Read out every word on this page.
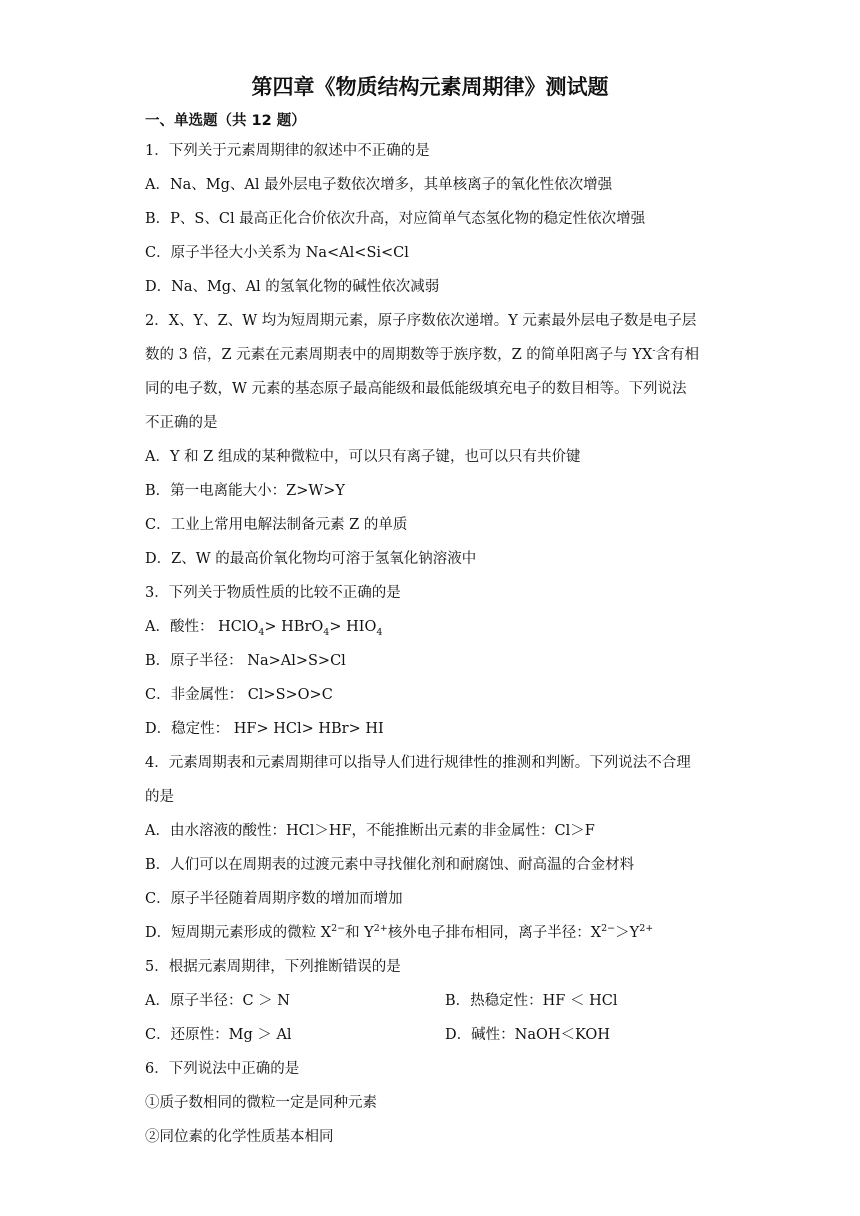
第四章《物质结构元素周期律》测试题
一、单选题（共 12 题）
1．下列关于元素周期律的叙述中不正确的是
A．Na、Mg、Al 最外层电子数依次增多，其单核离子的氧化性依次增强
B．P、S、Cl 最高正化合价依次升高，对应简单气态氢化物的稳定性依次增强
C．原子半径大小关系为 Na<Al<Si<Cl
D．Na、Mg、Al 的氢氧化物的碱性依次减弱
2．X、Y、Z、W 均为短周期元素，原子序数依次递增。Y 元素最外层电子数是电子层
数的 3 倍，Z 元素在元素周期表中的周期数等于族序数，Z 的简单阳离子与 YX-含有相
同的电子数，W 元素的基态原子最高能级和最低能级填充电子的数目相等。下列说法
不正确的是
A．Y 和 Z 组成的某种微粒中，可以只有离子键，也可以只有共价键
B．第一电离能大小：Z>W>Y
C．工业上常用电解法制备元素 Z 的单质
D．Z、W 的最高价氧化物均可溶于氢氧化钠溶液中
3．下列关于物质性质的比较不正确的是
A．酸性： HClO$_4$> HBrO$_4$> $HIO_4$
B．原子半径： Na>Al>S>Cl
C．非金属性： Cl>S>O>C
D．稳定性： HF> HCl> HBr> HI
4．元素周期表和元素周期律可以指导人们进行规律性的推测和判断。下列说法不合理
的是
A．由水溶液的酸性：HCl＞HF，不能推断出元素的非金属性：Cl＞F
B．人们可以在周期表的过渡元素中寻找催化剂和耐腐蚀、耐高温的合金材料
C．原子半径随着周期序数的增加而增加
D．短周期元素形成的微粒 $X^{2-}$和 $Y^{2+}$核外电子排布相同，离子半径：$X^{2-}>Y^{2+}$
5．根据元素周期律，下列推断错误的是
A．原子半径：C ＞ N	B．热稳定性：HF ＜ HCl
C．还原性：Mg ＞ Al	D．碱性：NaOH＜KOH
6．下列说法中正确的是
①质子数相同的微粒一定是同种元素
②同位素的化学性质基本相同
